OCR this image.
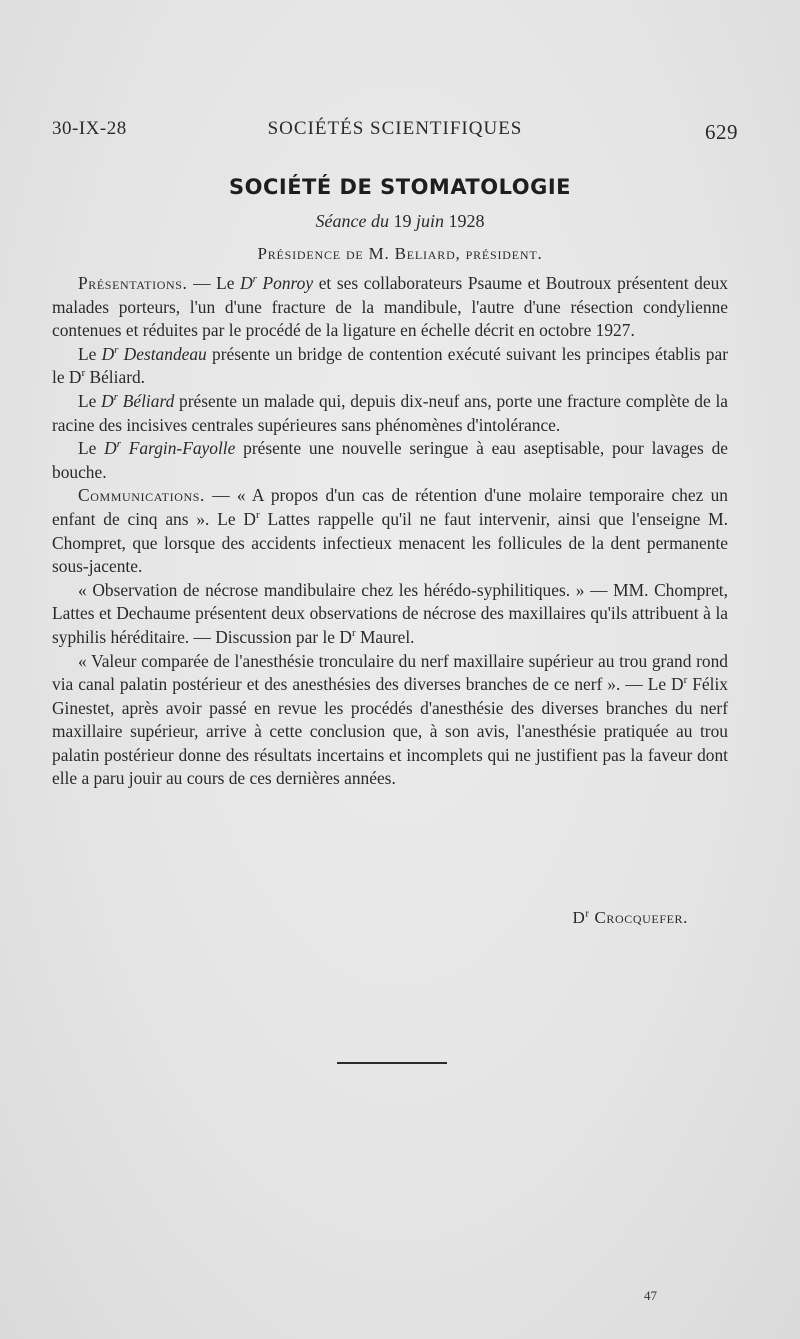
30-IX-28	SOCIÉTÉS SCIENTIFIQUES	629
SOCIÉTÉ DE STOMATOLOGIE
Séance du 19 juin 1928
Présidence de M. Beliard, président.

Présentations. — Le $D^r$ Ponroy et ses collaborateurs Psaume et Boutroux présentent deux malades porteurs, l'un d'une fracture de la mandibule, l'autre d'une résection condylienne contenues et réduites par le procédé de la ligature en échelle décrit en octobre 1927.

Le $D^r$ Destandeau présente un bridge de contention exécuté suivant les principes établis par le $D^r$ Béliard.

Le $D^r$ Béliard présente un malade qui, depuis dix-neuf ans, porte une fracture complète de la racine des incisives centrales supérieures sans phénomènes d'intolérance.

Le $D^r$ Fargin-Fayolle présente une nouvelle seringue à eau aseptisable, pour lavages de bouche.

Communications. — « A propos d'un cas de rétention d'une molaire temporaire chez un enfant de cinq ans ». Le $D^r$ Lattes rappelle qu'il ne faut intervenir, ainsi que l'enseigne M. Chompret, que lorsque des accidents infectieux menacent les follicules de la dent permanente sous-jacente.

« Observation de nécrose mandibulaire chez les hérédo-syphilitiques. » — MM. Chompret, Lattes et Dechaume présentent deux observations de nécrose des maxillaires qu'ils attribuent à la syphilis héréditaire. — Discussion par le $D^r$ Maurel.

« Valeur comparée de l'anesthésie tronculaire du nerf maxillaire supérieur au trou grand rond via canal palatin postérieur et des anesthésies des diverses branches de ce nerf ». — Le $D^r$ Félix Ginestet, après avoir passé en revue les procédés d'anesthésie des diverses branches du nerf maxillaire supérieur, arrive à cette conclusion que, à son avis, l'anesthésie pratiquée au trou palatin postérieur donne des résultats incertains et incomplets qui ne justifient pas la faveur dont elle a paru jouir au cours de ces dernières années.

$D^r$ Crocquefer.
47
